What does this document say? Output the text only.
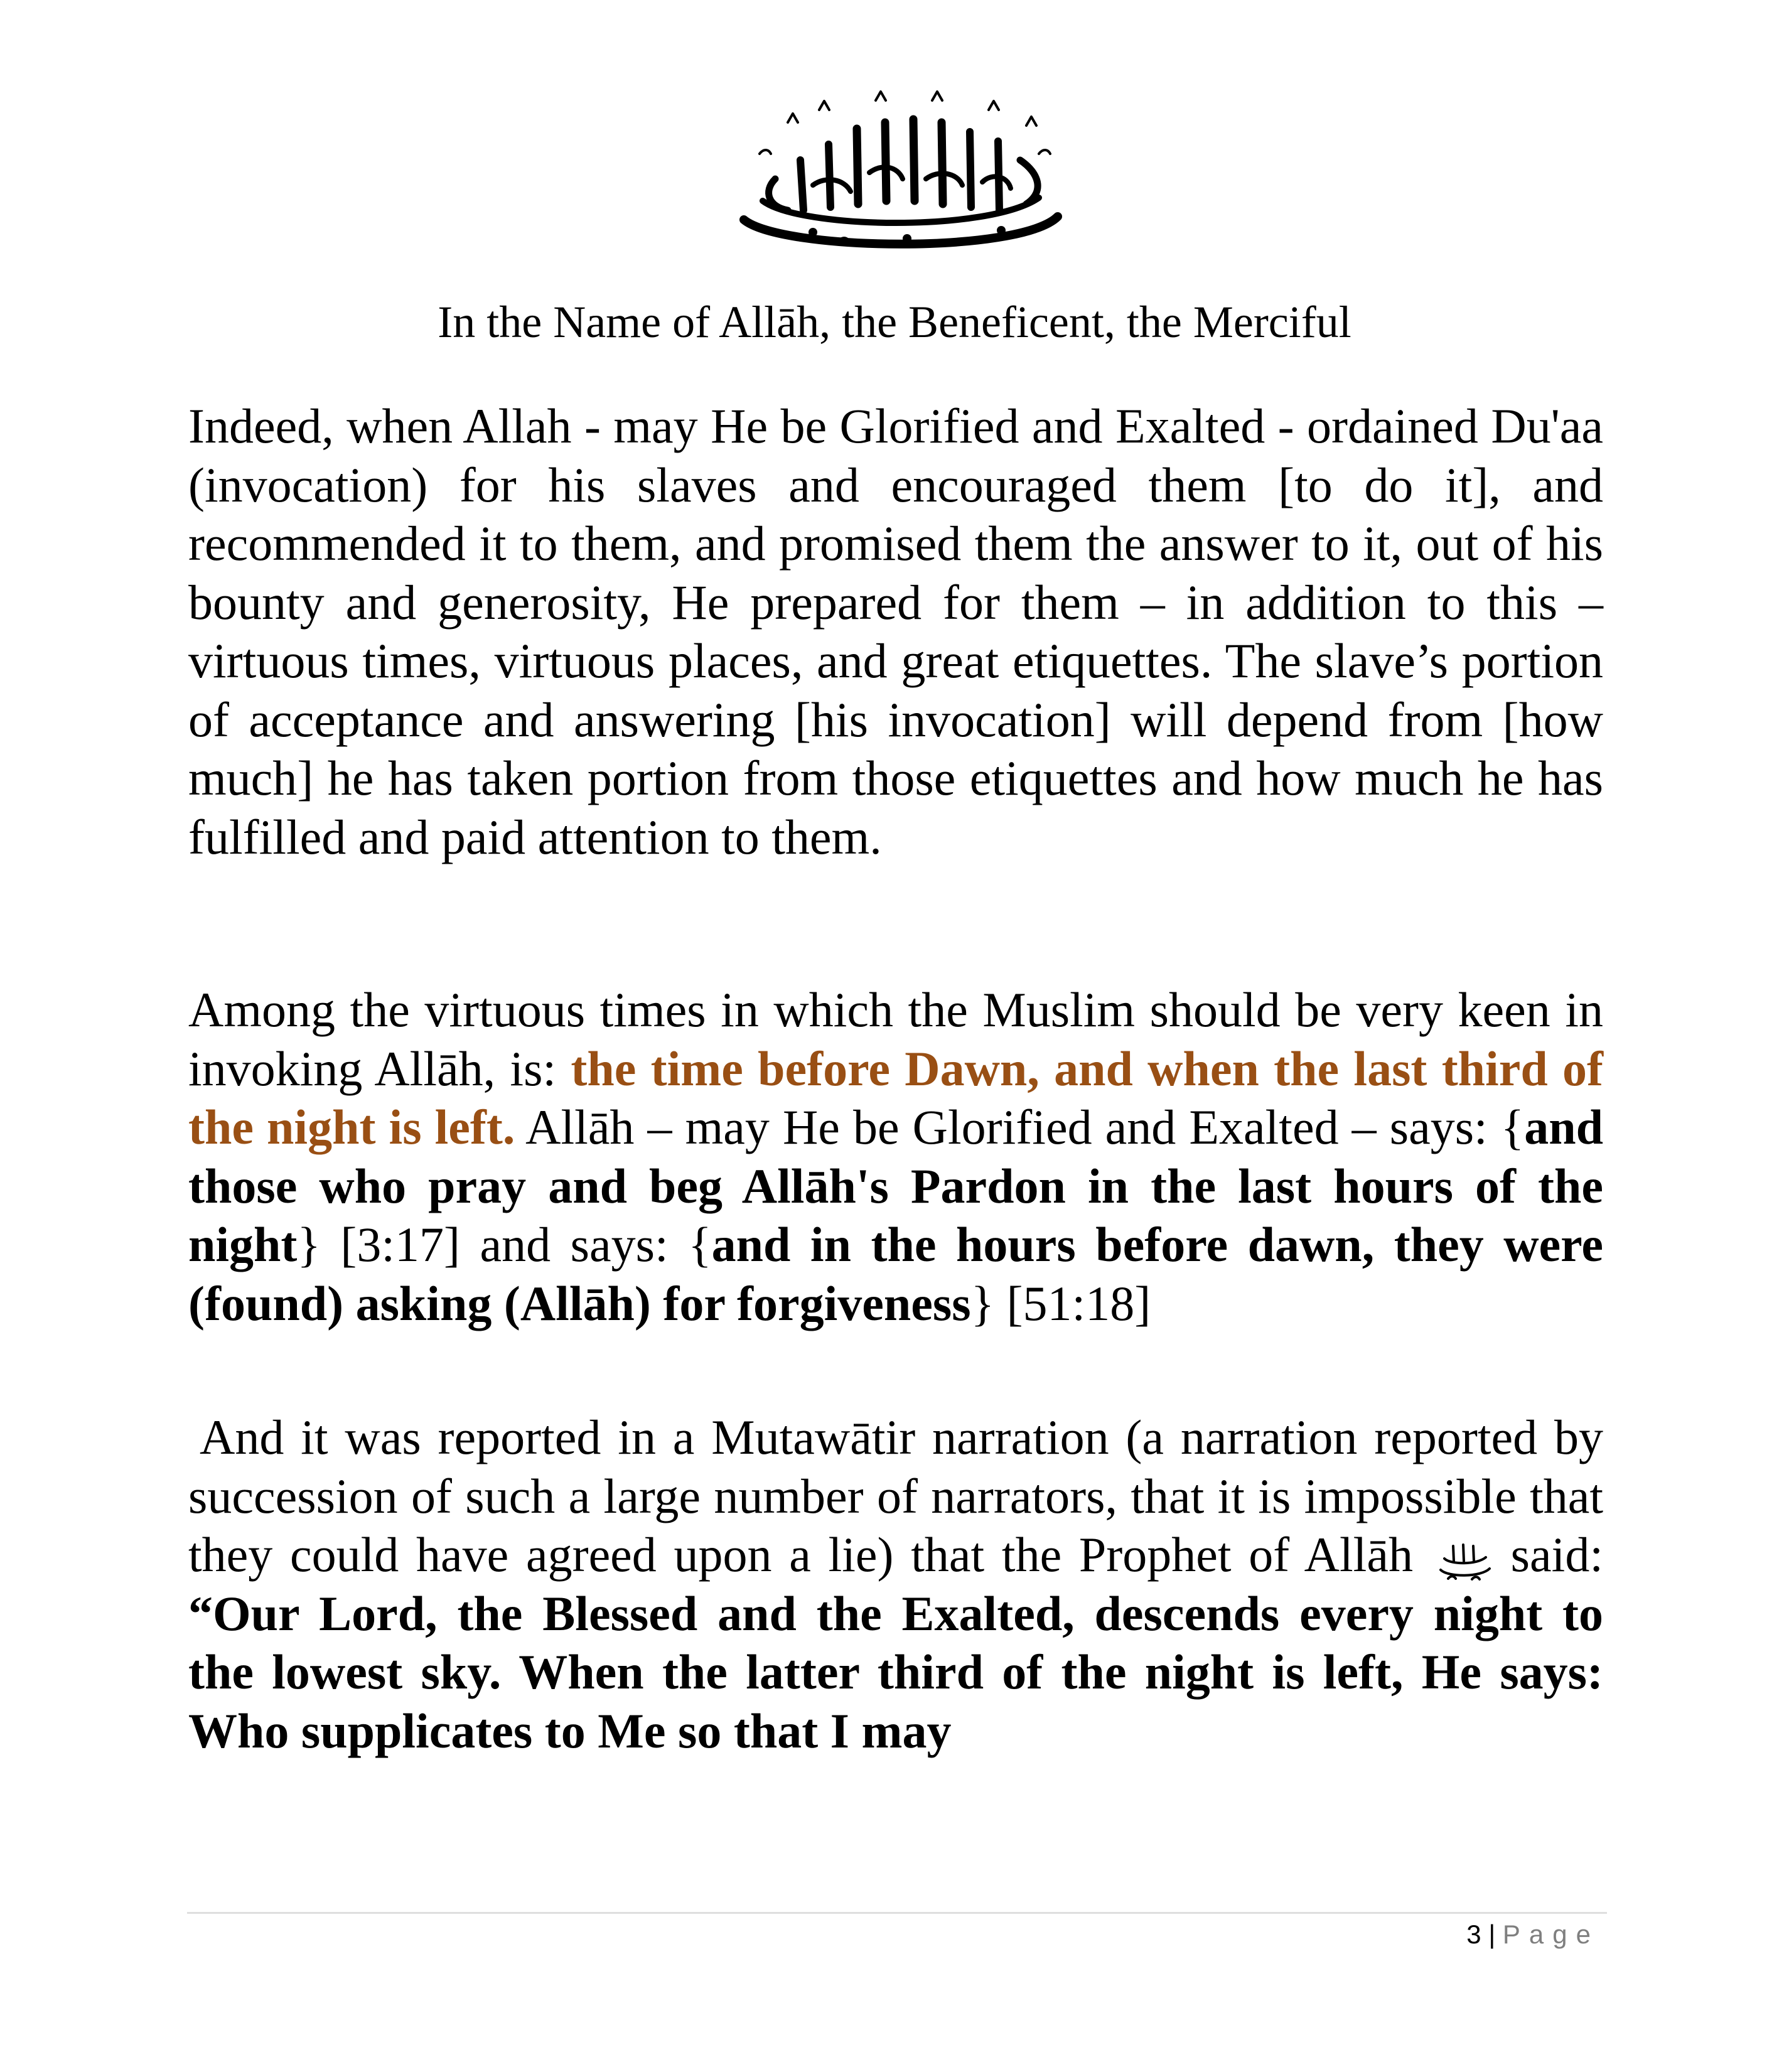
In the Name of Allāh, the Beneficent, the Merciful

Indeed, when Allah - may He be Glorified and Exalted - ordained Du'aa (invocation) for his slaves and encouraged them [to do it], and recommended it to them, and promised them the answer to it, out of his bounty and generosity, He prepared for them – in addition to this – virtuous times, virtuous places, and great etiquettes. The slave’s portion of acceptance and answering [his invocation] will depend from [how much] he has taken portion from those etiquettes and how much he has fulfilled and paid attention to them.

Among the virtuous times in which the Muslim should be very keen in invoking Allāh, is: the time before Dawn, and when the last third of the night is left. Allāh – may He be Glorified and Exalted – says: {and those who pray and beg Allāh's Pardon in the last hours of the night} [3:17] and says: {and in the hours before dawn, they were (found) asking (Allāh) for forgiveness} [51:18]

And it was reported in a Mutawātir narration (a narration reported by succession of such a large number of narrators, that it is impossible that they could have agreed upon a lie) that the Prophet of Allāh said: “Our Lord, the Blessed and the Exalted, descends every night to the lowest sky. When the latter third of the night is left, He says: Who supplicates to Me so that I may

3 | Page
